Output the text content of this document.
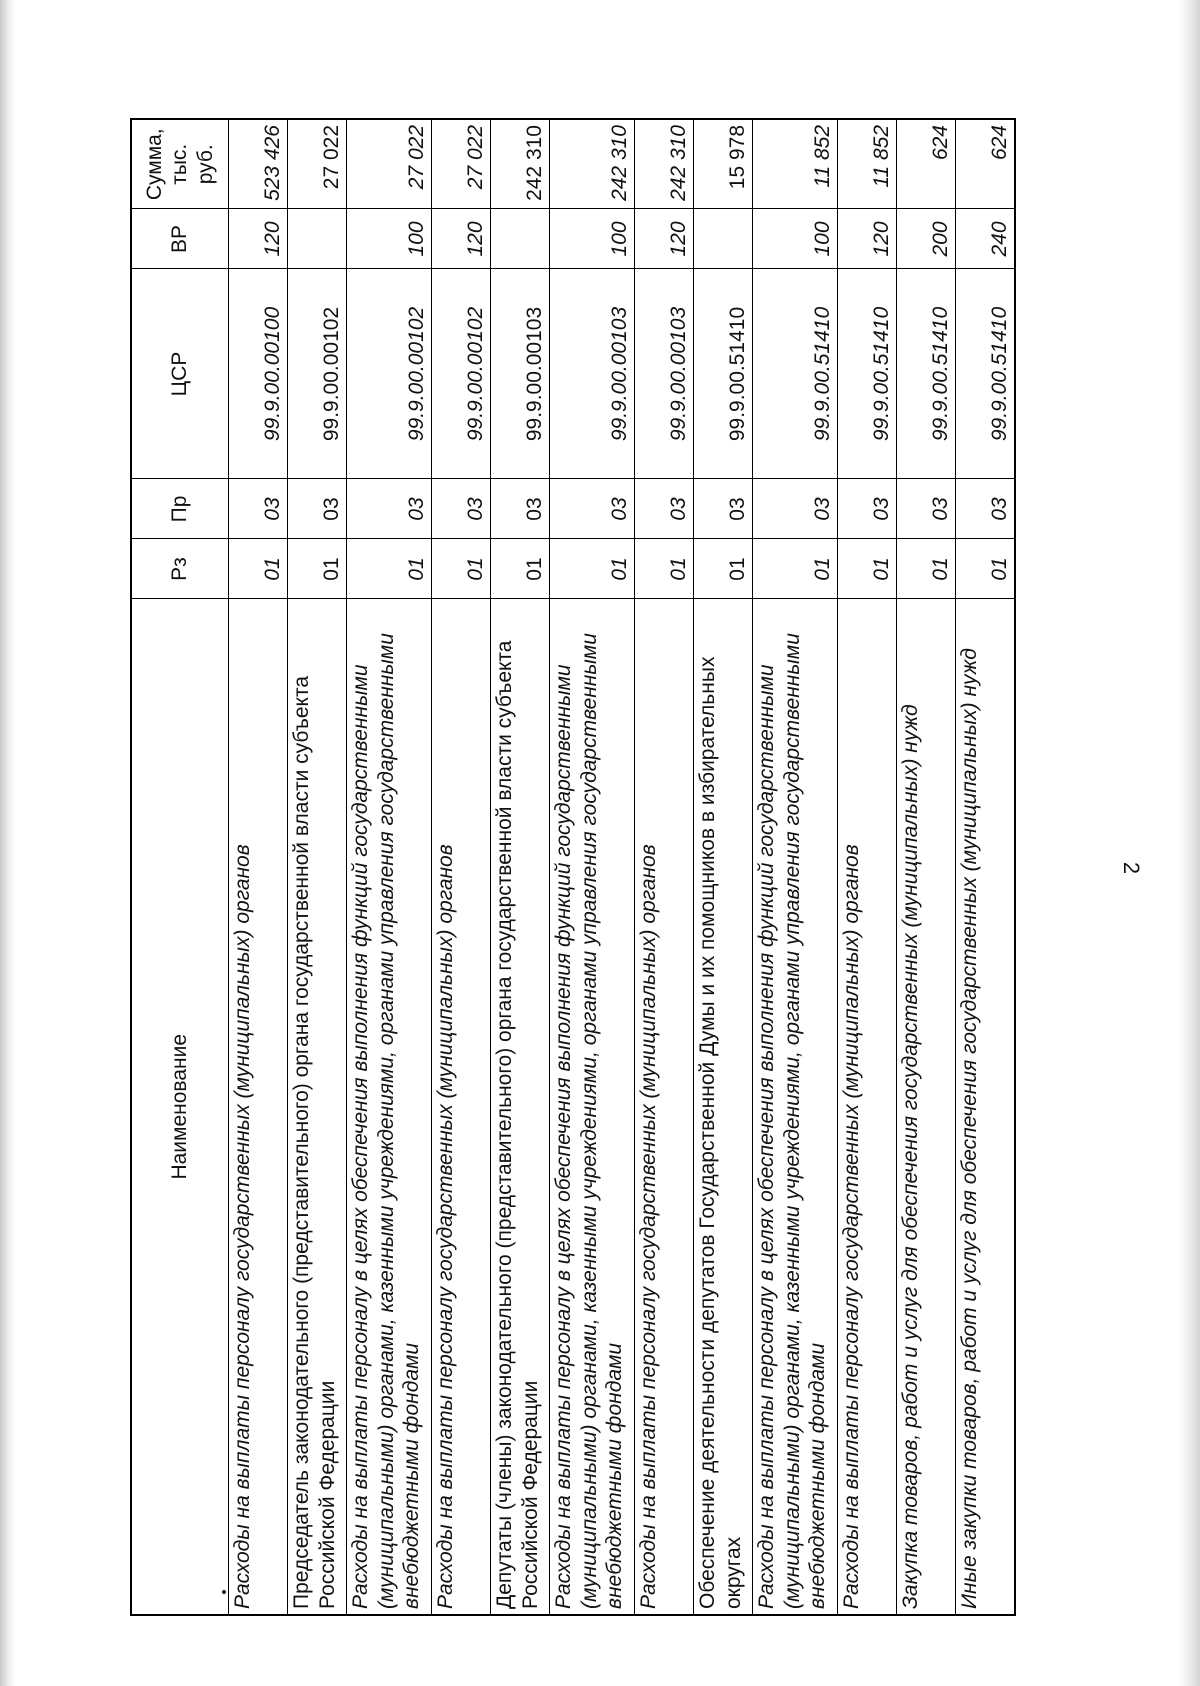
2
Наименование	Рз	Пр	ЦСР	ВР	Сумма, тыс. руб.
Расходы на выплаты персоналу государственных (муниципальных) органов	01	03	99.9.00.00100	120	523 426
Председатель законодательного (представительного) органа государственной власти субъекта Российской Федерации	01	03	99.9.00.00102		27 022
Расходы на выплаты персоналу в целях обеспечения выполнения функций государственными (муниципальными) органами, казенными учреждениями, органами управления государственными внебюджетными фондами	01	03	99.9.00.00102	100	27 022
Расходы на выплаты персоналу государственных (муниципальных) органов	01	03	99.9.00.00102	120	27 022
Депутаты (члены) законодательного (представительного) органа государственной власти субъекта Российской Федерации	01	03	99.9.00.00103		242 310
Расходы на выплаты персоналу в целях обеспечения выполнения функций государственными (муниципальными) органами, казенными учреждениями, органами управления государственными внебюджетными фондами	01	03	99.9.00.00103	100	242 310
Расходы на выплаты персоналу государственных (муниципальных) органов	01	03	99.9.00.00103	120	242 310
Обеспечение деятельности депутатов Государственной Думы и их помощников в избирательных округах	01	03	99.9.00.51410		15 978
Расходы на выплаты персоналу в целях обеспечения выполнения функций государственными (муниципальными) органами, казенными учреждениями, органами управления государственными внебюджетными фондами	01	03	99.9.00.51410	100	11 852
Расходы на выплаты персоналу государственных (муниципальных) органов	01	03	99.9.00.51410	120	11 852
Закупка товаров, работ и услуг для обеспечения государственных (муниципальных) нужд	01	03	99.9.00.51410	200	624
Иные закупки товаров, работ и услуг для обеспечения государственных (муниципальных) нужд	01	03	99.9.00.51410	240	624
